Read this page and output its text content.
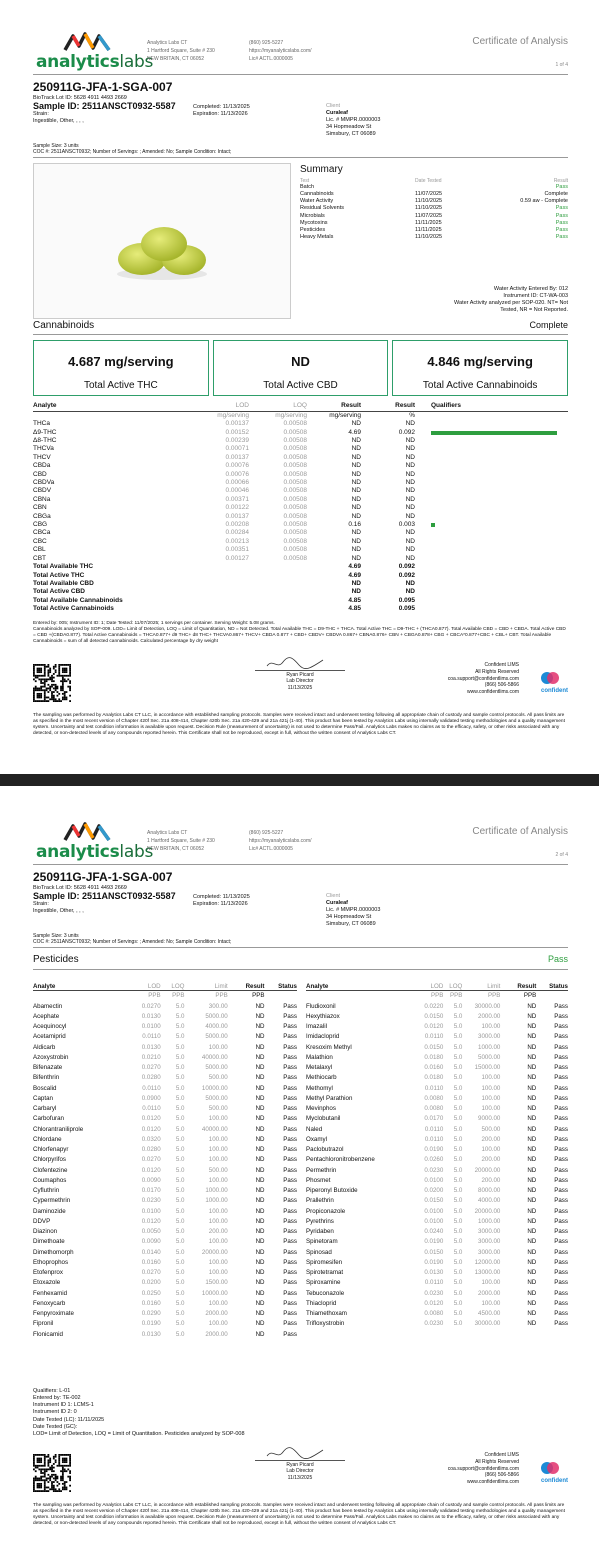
analyticslabs
Analytics Labs CT
1 Hartford Square, Suite # 230
NEW BRITAIN, CT 06052
(860) 925-5227
https://myanalyticslabs.com/
Lic# ACTL.0000005
Certificate of Analysis
1 of 4
250911G-JFA-1-SGA-007
BioTrack Lot ID: 5628 4911 4493 2669
Sample ID: 2511ANSCT0932-5587
Strain:
Ingestible, Other, , , ,
Completed: 11/13/2025
Expiration: 11/13/2026
Client
Curaleaf
Lic. # MMPR.0000003
34 Hopmeadow St
Simsbury, CT 06089
Sample Size: 3 units
COC #: 2511ANSCT0932; Number of Servings: ; Amended: No; Sample Condition: Intact;
Summary
Test	Date Tested	Result
Batch	Pass
Cannabinoids	11/07/2025	Complete
Water Activity	11/10/2025	0.59 aw - Complete
Residual Solvents	11/10/2025	Pass
Microbials	11/07/2025	Pass
Mycotoxins	11/11/2025	Pass
Pesticides	11/11/2025	Pass
Heavy Metals	11/10/2025	Pass
Water Activity Entered By: 012
Instrument ID: CT-WA-003
Water Activity analyzed per SOP-020. NT= Not
Tested, NR = Not Reported.
Cannabinoids	Complete
4.687 mg/serving
Total Active THC
ND
Total Active CBD
4.846 mg/serving
Total Active Cannabinoids
Analyte	LOD	LOQ	Result	Result	Qualifiers
	mg/serving	mg/serving	mg/serving	%	
THCa	0.00137	0.00508	ND	ND	
Δ9-THC	0.00152	0.00508	4.69	0.092	

Δ8-THC	0.00239	0.00508	ND	ND	
THCVa	0.00071	0.00508	ND	ND	
THCV	0.00137	0.00508	ND	ND	
CBDa	0.00076	0.00508	ND	ND	
CBD	0.00076	0.00508	ND	ND	
CBDVa	0.00066	0.00508	ND	ND	
CBDV	0.00046	0.00508	ND	ND	
CBNa	0.00371	0.00508	ND	ND	
CBN	0.00122	0.00508	ND	ND	
CBGa	0.00137	0.00508	ND	ND	
CBG	0.00208	0.00508	0.16	0.003	

CBCa	0.00284	0.00508	ND	ND	
CBC	0.00213	0.00508	ND	ND	
CBL	0.00351	0.00508	ND	ND	
CBT	0.00127	0.00508	ND	ND	
Total Available THC			4.69	0.092	
Total Active THC			4.69	0.092	
Total Available CBD			ND	ND	
Total Active CBD			ND	ND	
Total Available Cannabinoids			4.85	0.095	
Total Active Cannabinoids			4.85	0.095	
Entered by: 005; Instrument ID: 1; Date Tested: 11/07/2025; 1 servings per container. Serving Weight: 5.08 grams.
Cannabinoids analyzed by SOP-009. LOD= Limit of Detection, LOQ = Limit of Quantitation, ND = Not Detected. Total Available THC = D9-THC + THCA. Total Active THC = D9-THC + (THCA0.877). Total Available CBD = CBD + CBDA. Total Active CBD = CBD +(CBDA0.877). Total Active Cannabinoids = THCA0.877+ d9 THC+ d8 THC+ THCVA0.867+ THCV+ CBDA 0.877 + CBD+ CBDV+ CBDVA 0.867+ CBNA0.876+ CBN + CBGA0.878+ CBG + CBCA*0.877+CBC + CBL+ CBT. Total Available Cannabinoids = sum of all detected cannabinoids. Calculated percentage by dry weight
Ryan Picard
Lab Director
11/13/2025
Confident LIMS
All Rights Reserved
coa.support@confidentlims.com
(866) 506-5866
www.confidentlims.com	confident
The sampling was performed by Analytics Labs CT LLC, in accordance with established sampling protocols. Samples were received intact and underwent testing following all appropriate chain of custody and sample control protocols. All pass limits are as specified in the most recent version of Chapter 420f Sec. 21a 408-414, Chapter 420b Sec. 21a 420-429 and 21a 421j (1-40). This product has been tested by Analytics Labs using internally validated testing methodologies and a quality management system. Uncertainty and test condition information is available upon request. Decision Rule (measurement of uncertainty) is not used to determine Pass/Fail. Analytics Labs makes no claims as to the efficacy, safety, or other risks associated with any detected, or non-detected levels of any compounds reported herein. This Certificate shall not be reproduced, except in full, without the written consent of Analytics Labs CT.
analyticslabs
Analytics Labs CT
1 Hartford Square, Suite # 230
NEW BRITAIN, CT 06052
(860) 925-5227
https://myanalyticslabs.com/
Lic# ACTL.0000005
Certificate of Analysis
2 of 4
250911G-JFA-1-SGA-007
BioTrack Lot ID: 5628 4911 4493 2669
Sample ID: 2511ANSCT0932-5587
Strain:
Ingestible, Other, , , ,
Completed: 11/13/2025
Expiration: 11/13/2026
Client
Curaleaf
Lic. # MMPR.0000003
34 Hopmeadow St
Simsbury, CT 06089
Sample Size: 3 units
COC #: 2511ANSCT0932; Number of Servings: ; Amended: No; Sample Condition: Intact;
Pesticides	Pass
Qualifiers: L-01
Entered by: TE-002
Instrument ID 1: LCMS-1
Instrument ID 2: 0
Date Tested (LC): 11/11/2025
Date Tested (GC):
LOD= Limit of Detection, LOQ = Limit of Quantitation. Pesticides analyzed by SOP-008
Ryan Picard
Lab Director
11/13/2025
Confident LIMS
All Rights Reserved
coa.support@confidentlims.com
(866) 506-5866
www.confidentlims.com	confident
The sampling was performed by Analytics Labs CT LLC, in accordance with established sampling protocols. Samples were received intact and underwent testing following all appropriate chain of custody and sample control protocols. All pass limits are as specified in the most recent version of Chapter 420f Sec. 21a 408-414, Chapter 420b Sec. 21a 420-429 and 21a 421j (1-40). This product has been tested by Analytics Labs using internally validated testing methodologies and a quality management system. Uncertainty and test condition information is available upon request. Decision Rule (measurement of uncertainty) is not used to determine Pass/Fail. Analytics Labs makes no claims as to the efficacy, safety, or other risks associated with any detected, or non-detected levels of any compounds reported herein. This Certificate shall not be reproduced, except in full, without the written consent of Analytics Labs CT.
Analyte	LOD	LOQ	Limit	Result	Status
	PPB	PPB	PPB	PPB	
Abamectin	0.0270	5.0	300.00	ND	Pass
Acephate	0.0130	5.0	5000.00	ND	Pass
Acequinocyl	0.0100	5.0	4000.00	ND	Pass
Acetamiprid	0.0110	5.0	5000.00	ND	Pass
Aldicarb	0.0130	5.0	100.00	ND	Pass
Azoxystrobin	0.0210	5.0	40000.00	ND	Pass
Bifenazate	0.0270	5.0	5000.00	ND	Pass
Bifenthrin	0.0280	5.0	500.00	ND	Pass
Boscalid	0.0110	5.0	10000.00	ND	Pass
Captan	0.0900	5.0	5000.00	ND	Pass
Carbaryl	0.0110	5.0	500.00	ND	Pass
Carbofuran	0.0120	5.0	100.00	ND	Pass
Chlorantraniliprole	0.0120	5.0	40000.00	ND	Pass
Chlordane	0.0320	5.0	100.00	ND	Pass
Chlorfenapyr	0.0280	5.0	100.00	ND	Pass
Chlorpyrifos	0.0270	5.0	100.00	ND	Pass
Clofentezine	0.0120	5.0	500.00	ND	Pass
Coumaphos	0.0090	5.0	100.00	ND	Pass
Cyfluthrin	0.0170	5.0	1000.00	ND	Pass
Cypermethrin	0.0230	5.0	1000.00	ND	Pass
Daminozide	0.0100	5.0	100.00	ND	Pass
DDVP	0.0120	5.0	100.00	ND	Pass
Diazinon	0.0050	5.0	200.00	ND	Pass
Dimethoate	0.0090	5.0	100.00	ND	Pass
Dimethomorph	0.0140	5.0	20000.00	ND	Pass
Ethoprophos	0.0160	5.0	100.00	ND	Pass
Etofenprox	0.0270	5.0	100.00	ND	Pass
Etoxazole	0.0200	5.0	1500.00	ND	Pass
Fenhexamid	0.0250	5.0	10000.00	ND	Pass
Fenoxycarb	0.0160	5.0	100.00	ND	Pass
Fenpyroximate	0.0290	5.0	2000.00	ND	Pass
Fipronil	0.0190	5.0	100.00	ND	Pass
Flonicamid	0.0130	5.0	2000.00	ND	Pass
Analyte	LOD	LOQ	Limit	Result	Status
	PPB	PPB	PPB	PPB	
Fludioxonil	0.0220	5.0	30000.00	ND	Pass
Hexythiazox	0.0150	5.0	2000.00	ND	Pass
Imazalil	0.0120	5.0	100.00	ND	Pass
Imidacloprid	0.0110	5.0	3000.00	ND	Pass
Kresoxim Methyl	0.0150	5.0	1000.00	ND	Pass
Malathion	0.0180	5.0	5000.00	ND	Pass
Metalaxyl	0.0160	5.0	15000.00	ND	Pass
Methiocarb	0.0180	5.0	100.00	ND	Pass
Methomyl	0.0110	5.0	100.00	ND	Pass
Methyl Parathion	0.0080	5.0	100.00	ND	Pass
Mevinphos	0.0080	5.0	100.00	ND	Pass
Myclobutanil	0.0170	5.0	9000.00	ND	Pass
Naled	0.0110	5.0	500.00	ND	Pass
Oxamyl	0.0110	5.0	200.00	ND	Pass
Paclobutrazol	0.0190	5.0	100.00	ND	Pass
Pentachloronitrobenzene	0.0260	5.0	200.00	ND	Pass
Permethrin	0.0230	5.0	20000.00	ND	Pass
Phosmet	0.0100	5.0	200.00	ND	Pass
Piperonyl Butoxide	0.0200	5.0	8000.00	ND	Pass
Prallethrin	0.0150	5.0	4000.00	ND	Pass
Propiconazole	0.0100	5.0	20000.00	ND	Pass
Pyrethrins	0.0100	5.0	1000.00	ND	Pass
Pyridaben	0.0240	5.0	3000.00	ND	Pass
Spinetoram	0.0190	5.0	3000.00	ND	Pass
Spinosad	0.0150	5.0	3000.00	ND	Pass
Spiromesifen	0.0190	5.0	12000.00	ND	Pass
Spirotetramat	0.0130	5.0	13000.00	ND	Pass
Spiroxamine	0.0110	5.0	100.00	ND	Pass
Tebuconazole	0.0230	5.0	2000.00	ND	Pass
Thiacloprid	0.0120	5.0	100.00	ND	Pass
Thiamethoxam	0.0080	5.0	4500.00	ND	Pass
Trifloxystrobin	0.0230	5.0	30000.00	ND	Pass
